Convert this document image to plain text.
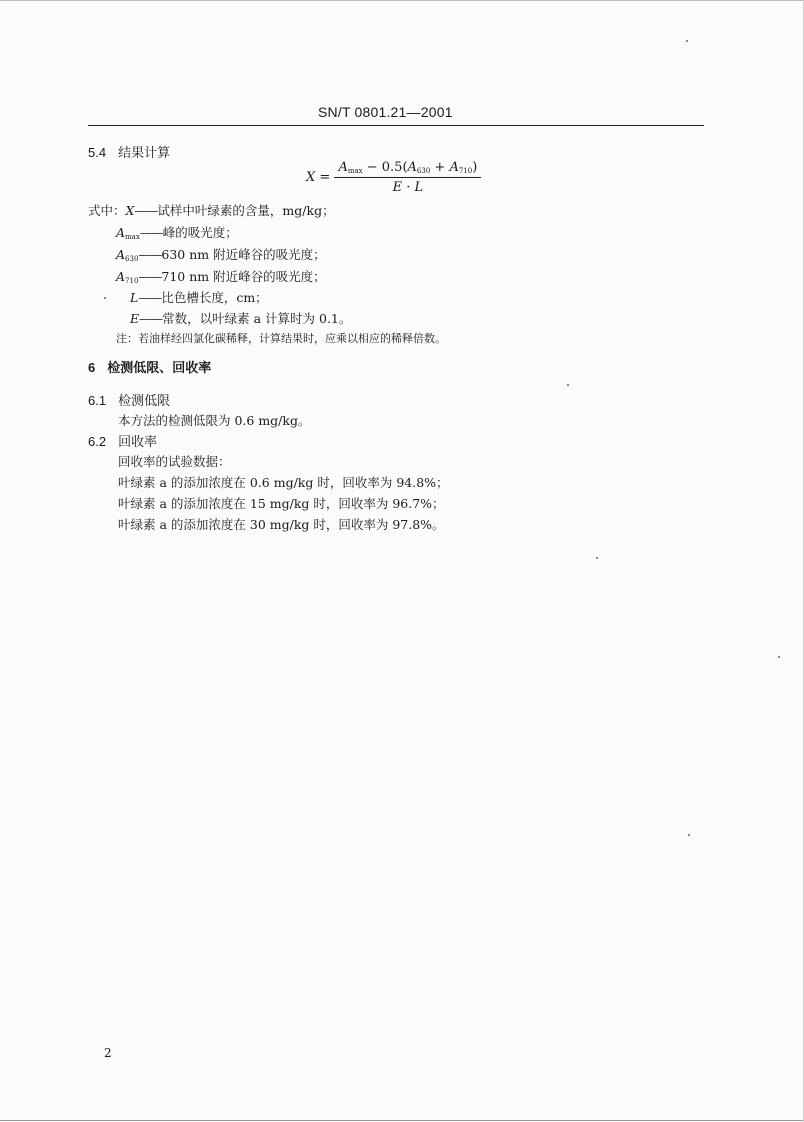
SN/T 0801.21—2001
5.4 结果计算
$X = \frac{A_{max} - 0.5(A_{630} + A_{710})}{E \cdot L}$
式中：X——试样中叶绿素的含量，mg/kg；
$A_{max}——$峰的吸光度；
$A_{630}——630$ nm 附近峰谷的吸光度；
$A_{710}——710$ nm 附近峰谷的吸光度；
L——比色槽长度，cm；
E——常数，以叶绿素 a 计算时为 0.1。
注：若油样经四氯化碳稀释，计算结果时，应乘以相应的稀释倍数。
6 检测低限、回收率
6.1 检测低限
本方法的检测低限为 0.6 mg/kg。
6.2 回收率
回收率的试验数据：
叶绿素 a 的添加浓度在 0.6 mg/kg 时，回收率为 94.8%；
叶绿素 a 的添加浓度在 15 mg/kg 时，回收率为 96.7%；
叶绿素 a 的添加浓度在 30 mg/kg 时，回收率为 97.8%。
2
